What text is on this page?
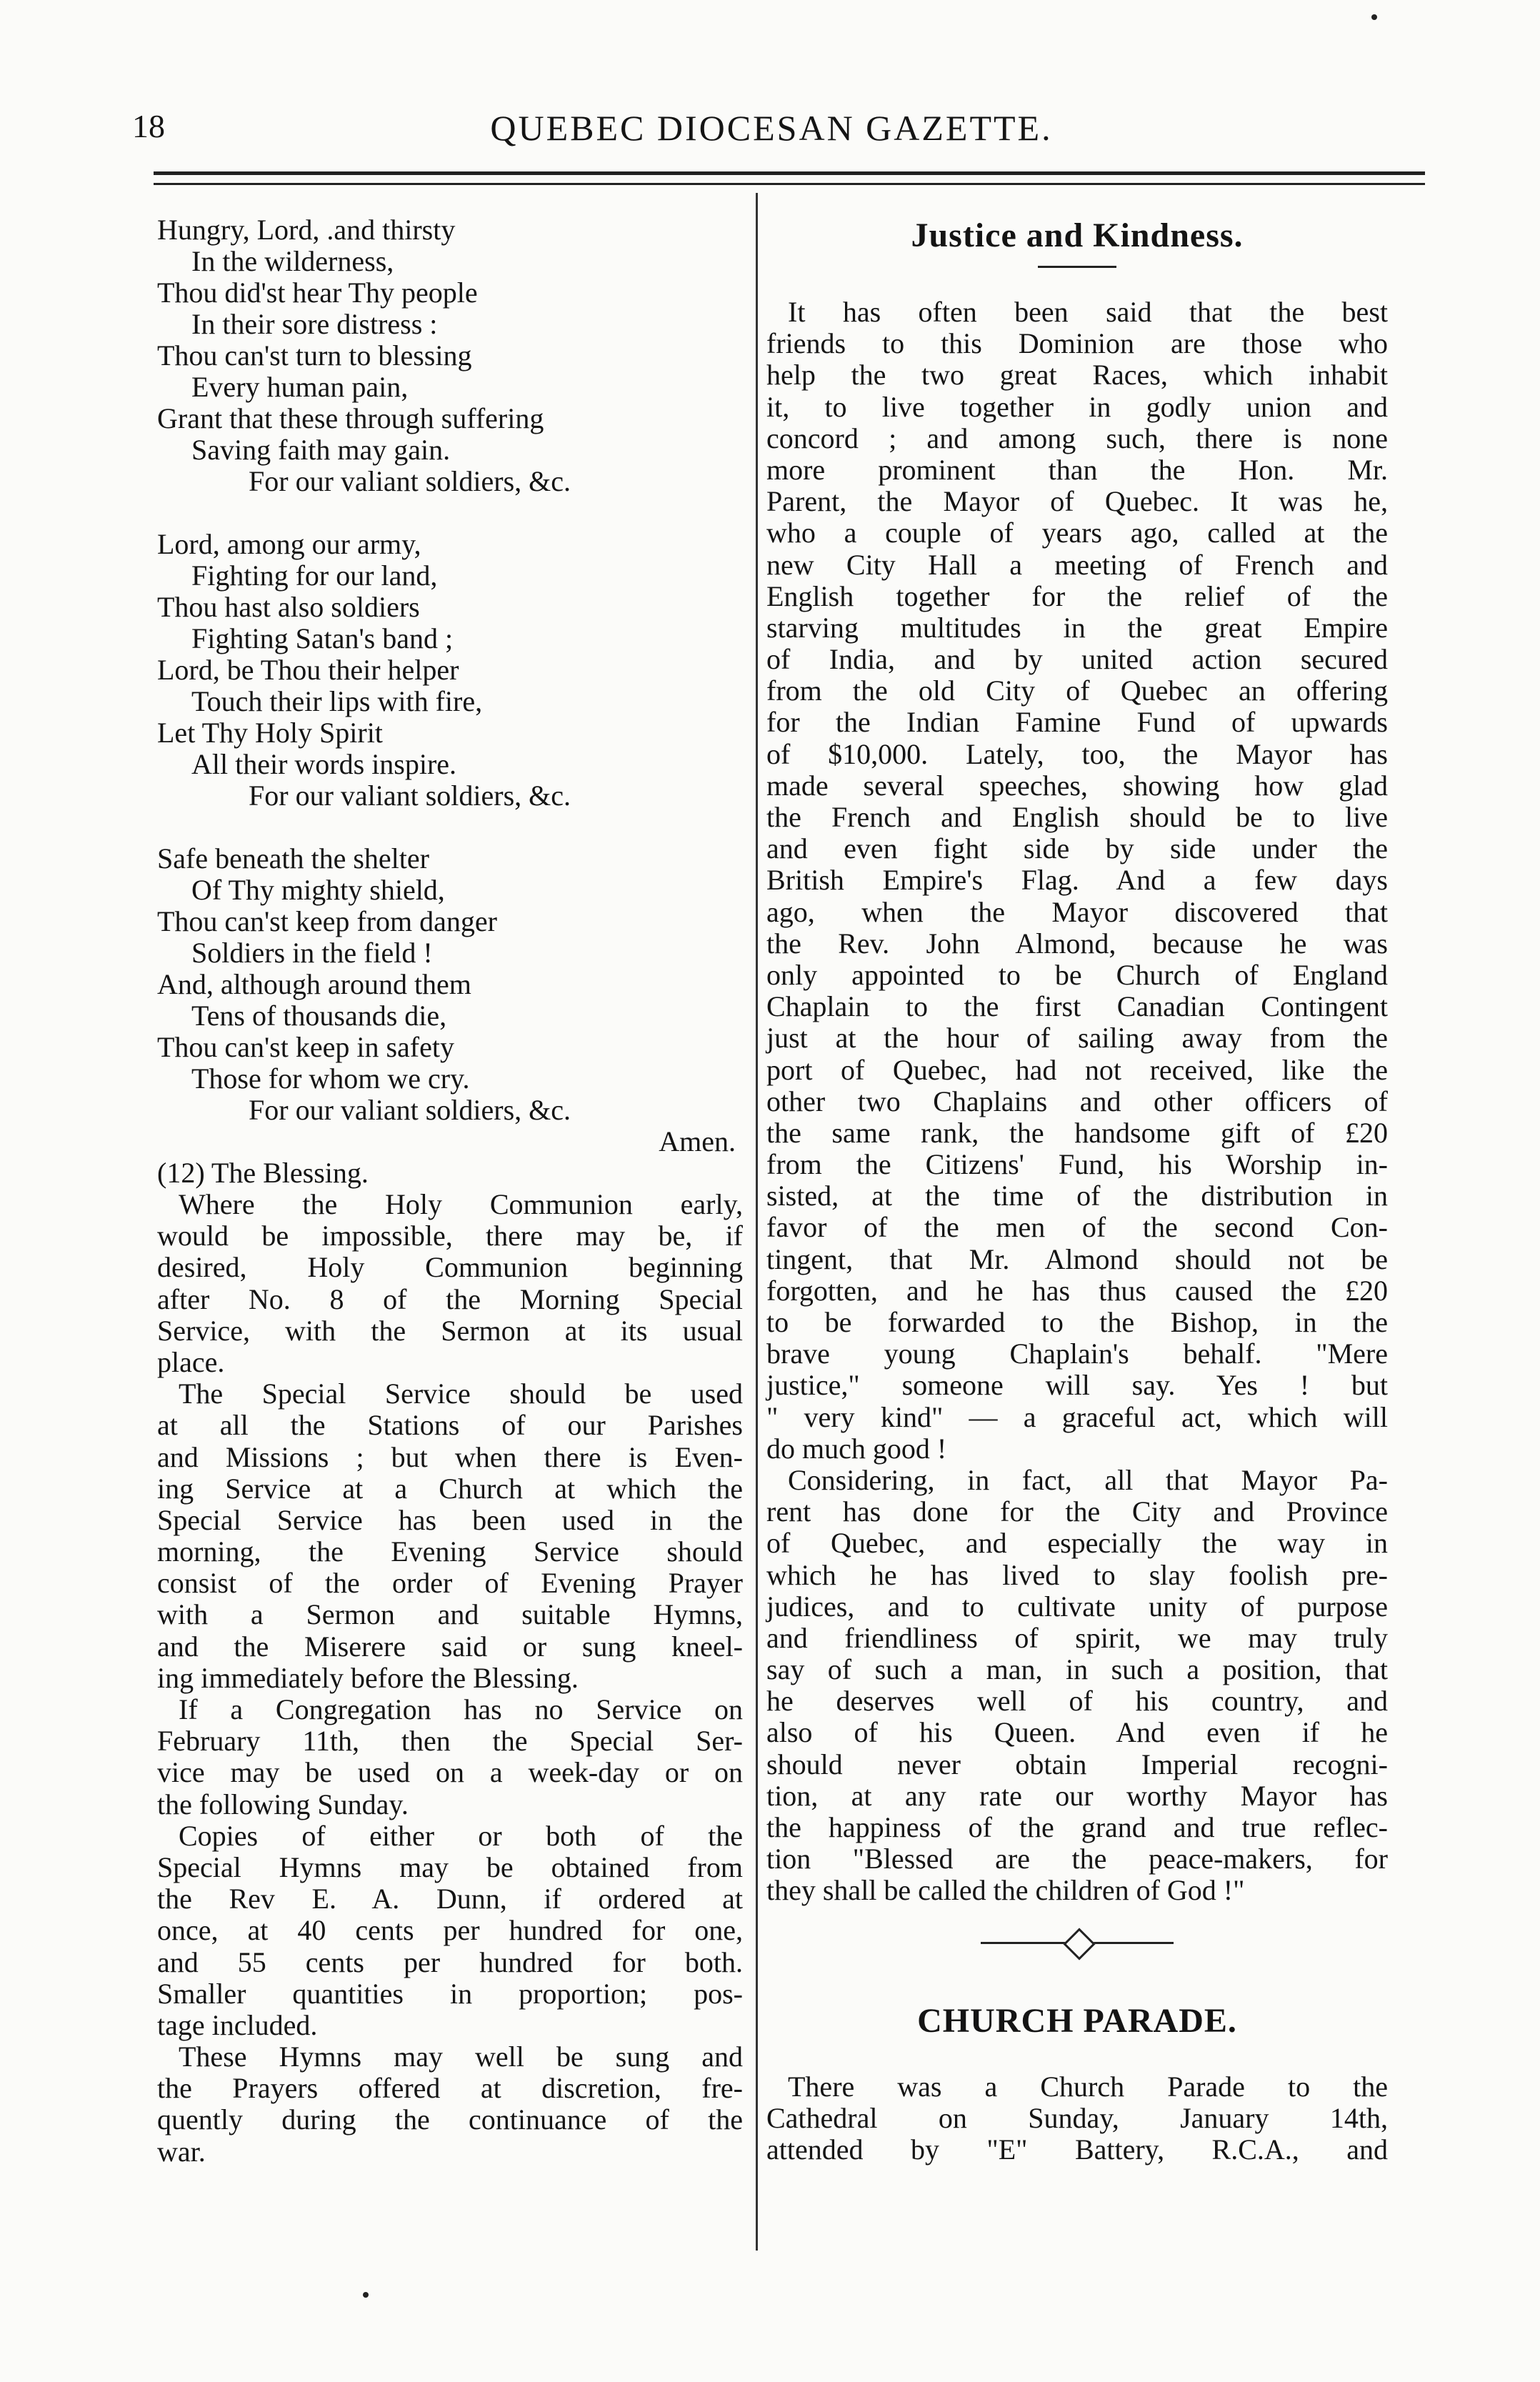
18	QUEBEC DIOCESAN GAZETTE.
Hungry, Lord, .and thirsty
In the wilderness,
Thou did'st hear Thy people
In their sore distress :
Thou can'st turn to blessing
Every human pain,
Grant that these through suffering
Saving faith may gain.
For our valiant soldiers, &c.
Lord, among our army,
Fighting for our land,
Thou hast also soldiers
Fighting Satan's band ;
Lord, be Thou their helper
Touch their lips with fire,
Let Thy Holy Spirit
All their words inspire.
For our valiant soldiers, &c.
Safe beneath the shelter
Of Thy mighty shield,
Thou can'st keep from danger
Soldiers in the field !
And, although around them
Tens of thousands die,
Thou can'st keep in safety
Those for whom we cry.
For our valiant soldiers, &c.
Amen.
(12) The Blessing.
Where the Holy Communion early,
would be impossible, there may be, if
desired, Holy Communion beginning
after No. 8 of the Morning Special
Service, with the Sermon at its usual
place.
The Special Service should be used
at all the Stations of our Parishes
and Missions ; but when there is Even-
ing Service at a Church at which the
Special Service has been used in the
morning, the Evening Service should
consist of the order of Evening Prayer
with a Sermon and suitable Hymns,
and the Miserere said or sung kneel-
ing immediately before the Blessing.
If a Congregation has no Service on
February 11th, then the Special Ser-
vice may be used on a week-day or on
the following Sunday.
Copies of either or both of the
Special Hymns may be obtained from
the Rev E. A. Dunn, if ordered at
once, at 40 cents per hundred for one,
and 55 cents per hundred for both.
Smaller quantities in proportion; pos-
tage included.
These Hymns may well be sung and
the Prayers offered at discretion, fre-
quently during the continuance of the
war.
Justice and Kindness.
It has often been said that the best
friends to this Dominion are those who
help the two great Races, which inhabit
it, to live together in godly union and
concord ; and among such, there is none
more prominent than the Hon. Mr.
Parent, the Mayor of Quebec. It was he,
who a couple of years ago, called at the
new City Hall a meeting of French and
English together for the relief of the
starving multitudes in the great Empire
of India, and by united action secured
from the old City of Quebec an offering
for the Indian Famine Fund of upwards
of $10,000. Lately, too, the Mayor has
made several speeches, showing how glad
the French and English should be to live
and even fight side by side under the
British Empire's Flag. And a few days
ago, when the Mayor discovered that
the Rev. John Almond, because he was
only appointed to be Church of England
Chaplain to the first Canadian Contingent
just at the hour of sailing away from the
port of Quebec, had not received, like the
other two Chaplains and other officers of
the same rank, the handsome gift of £20
from the Citizens' Fund, his Worship in-
sisted, at the time of the distribution in
favor of the men of the second Con-
tingent, that Mr. Almond should not be
forgotten, and he has thus caused the £20
to be forwarded to the Bishop, in the
brave young Chaplain's behalf. "Mere
justice," someone will say. Yes ! but
" very kind" — a graceful act, which will
do much good !
Considering, in fact, all that Mayor Pa-
rent has done for the City and Province
of Quebec, and especially the way in
which he has lived to slay foolish pre-
judices, and to cultivate unity of purpose
and friendliness of spirit, we may truly
say of such a man, in such a position, that
he deserves well of his country, and
also of his Queen. And even if he
should never obtain Imperial recogni-
tion, at any rate our worthy Mayor has
the happiness of the grand and true reflec-
tion "Blessed are the peace-makers, for
they shall be called the children of God !"
CHURCH PARADE.
There was a Church Parade to the
Cathedral on Sunday, January 14th,
attended by "E" Battery, R.C.A., and
